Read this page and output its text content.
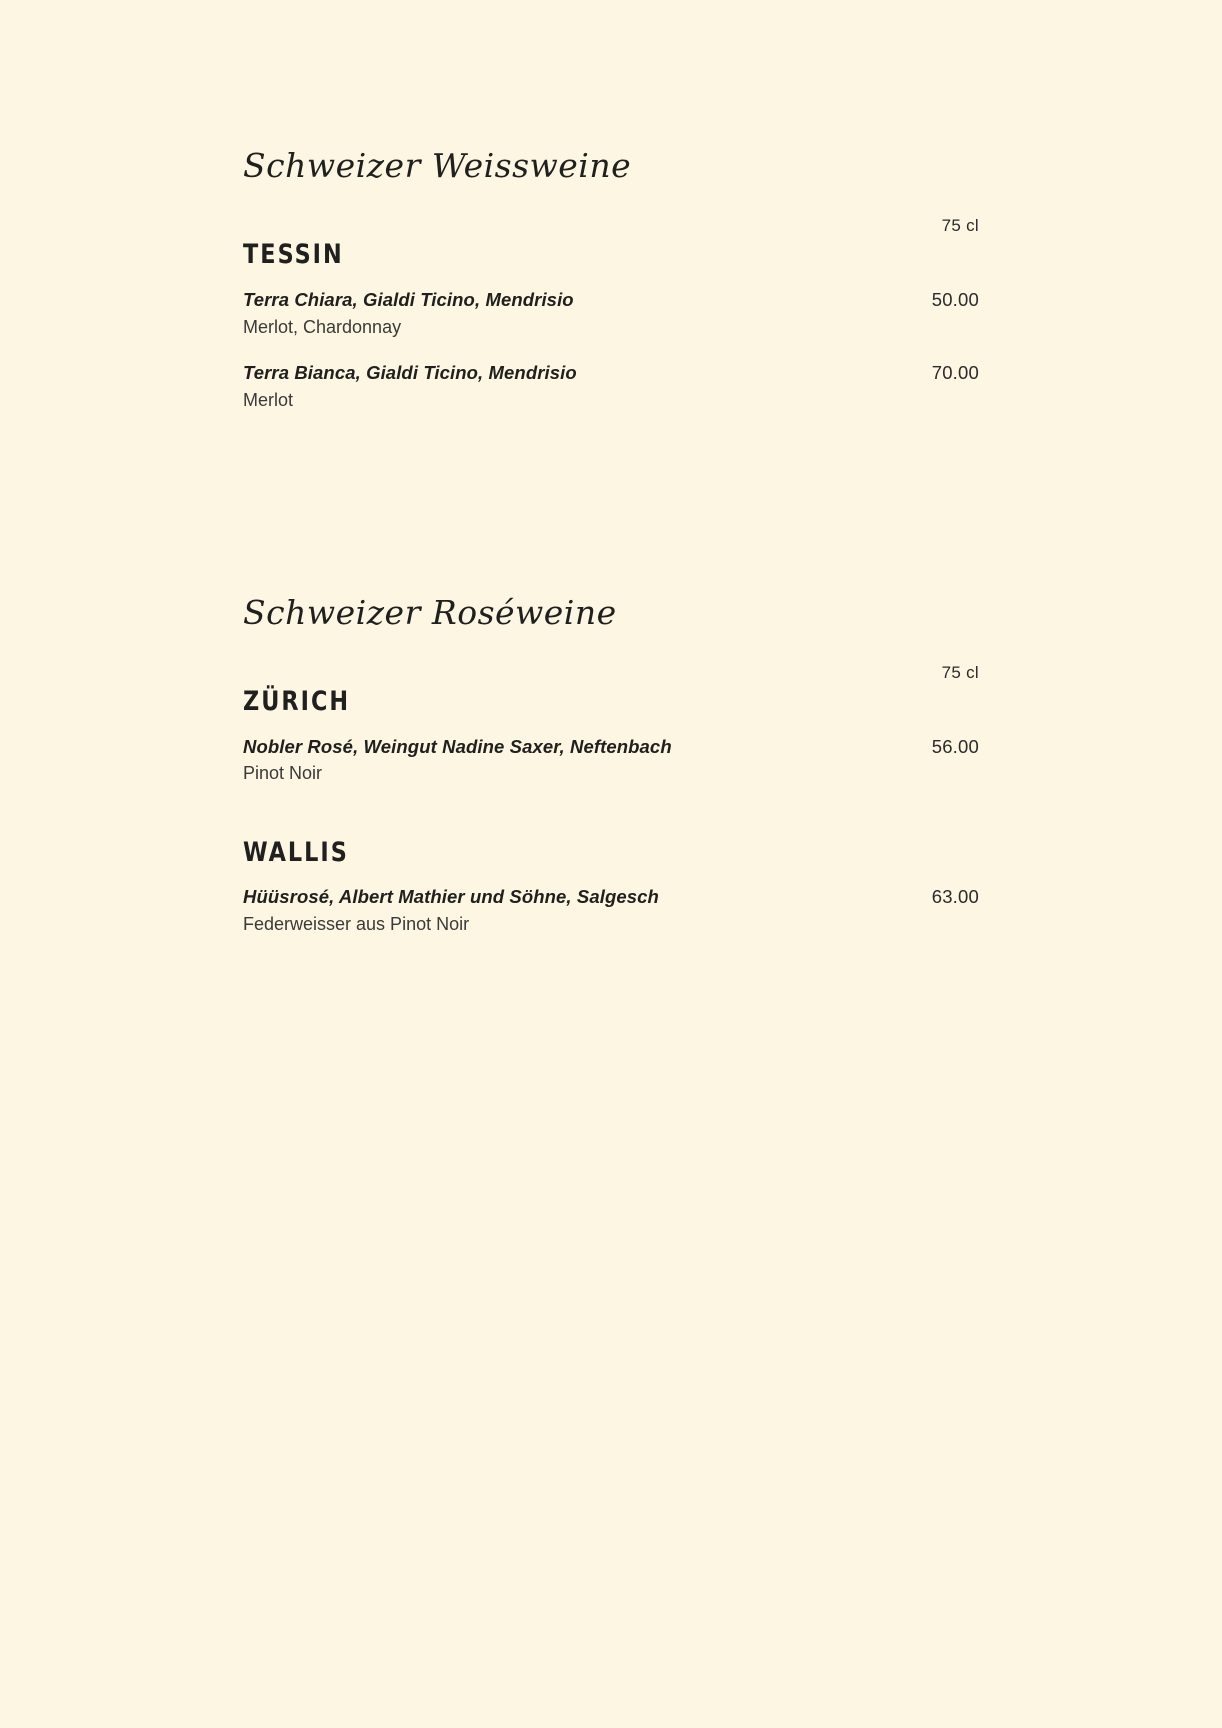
Schweizer Weissweine
75 cl
TESSIN
Terra Chiara, Gialdi Ticino, Mendrisio	50.00
Merlot, Chardonnay
Terra Bianca, Gialdi Ticino, Mendrisio	70.00
Merlot
Schweizer Roséweine
75 cl
ZÜRICH
Nobler Rosé, Weingut Nadine Saxer, Neftenbach	56.00
Pinot Noir
WALLIS
Hüüsrosé, Albert Mathier und Söhne, Salgesch	63.00
Federweisser aus Pinot Noir
